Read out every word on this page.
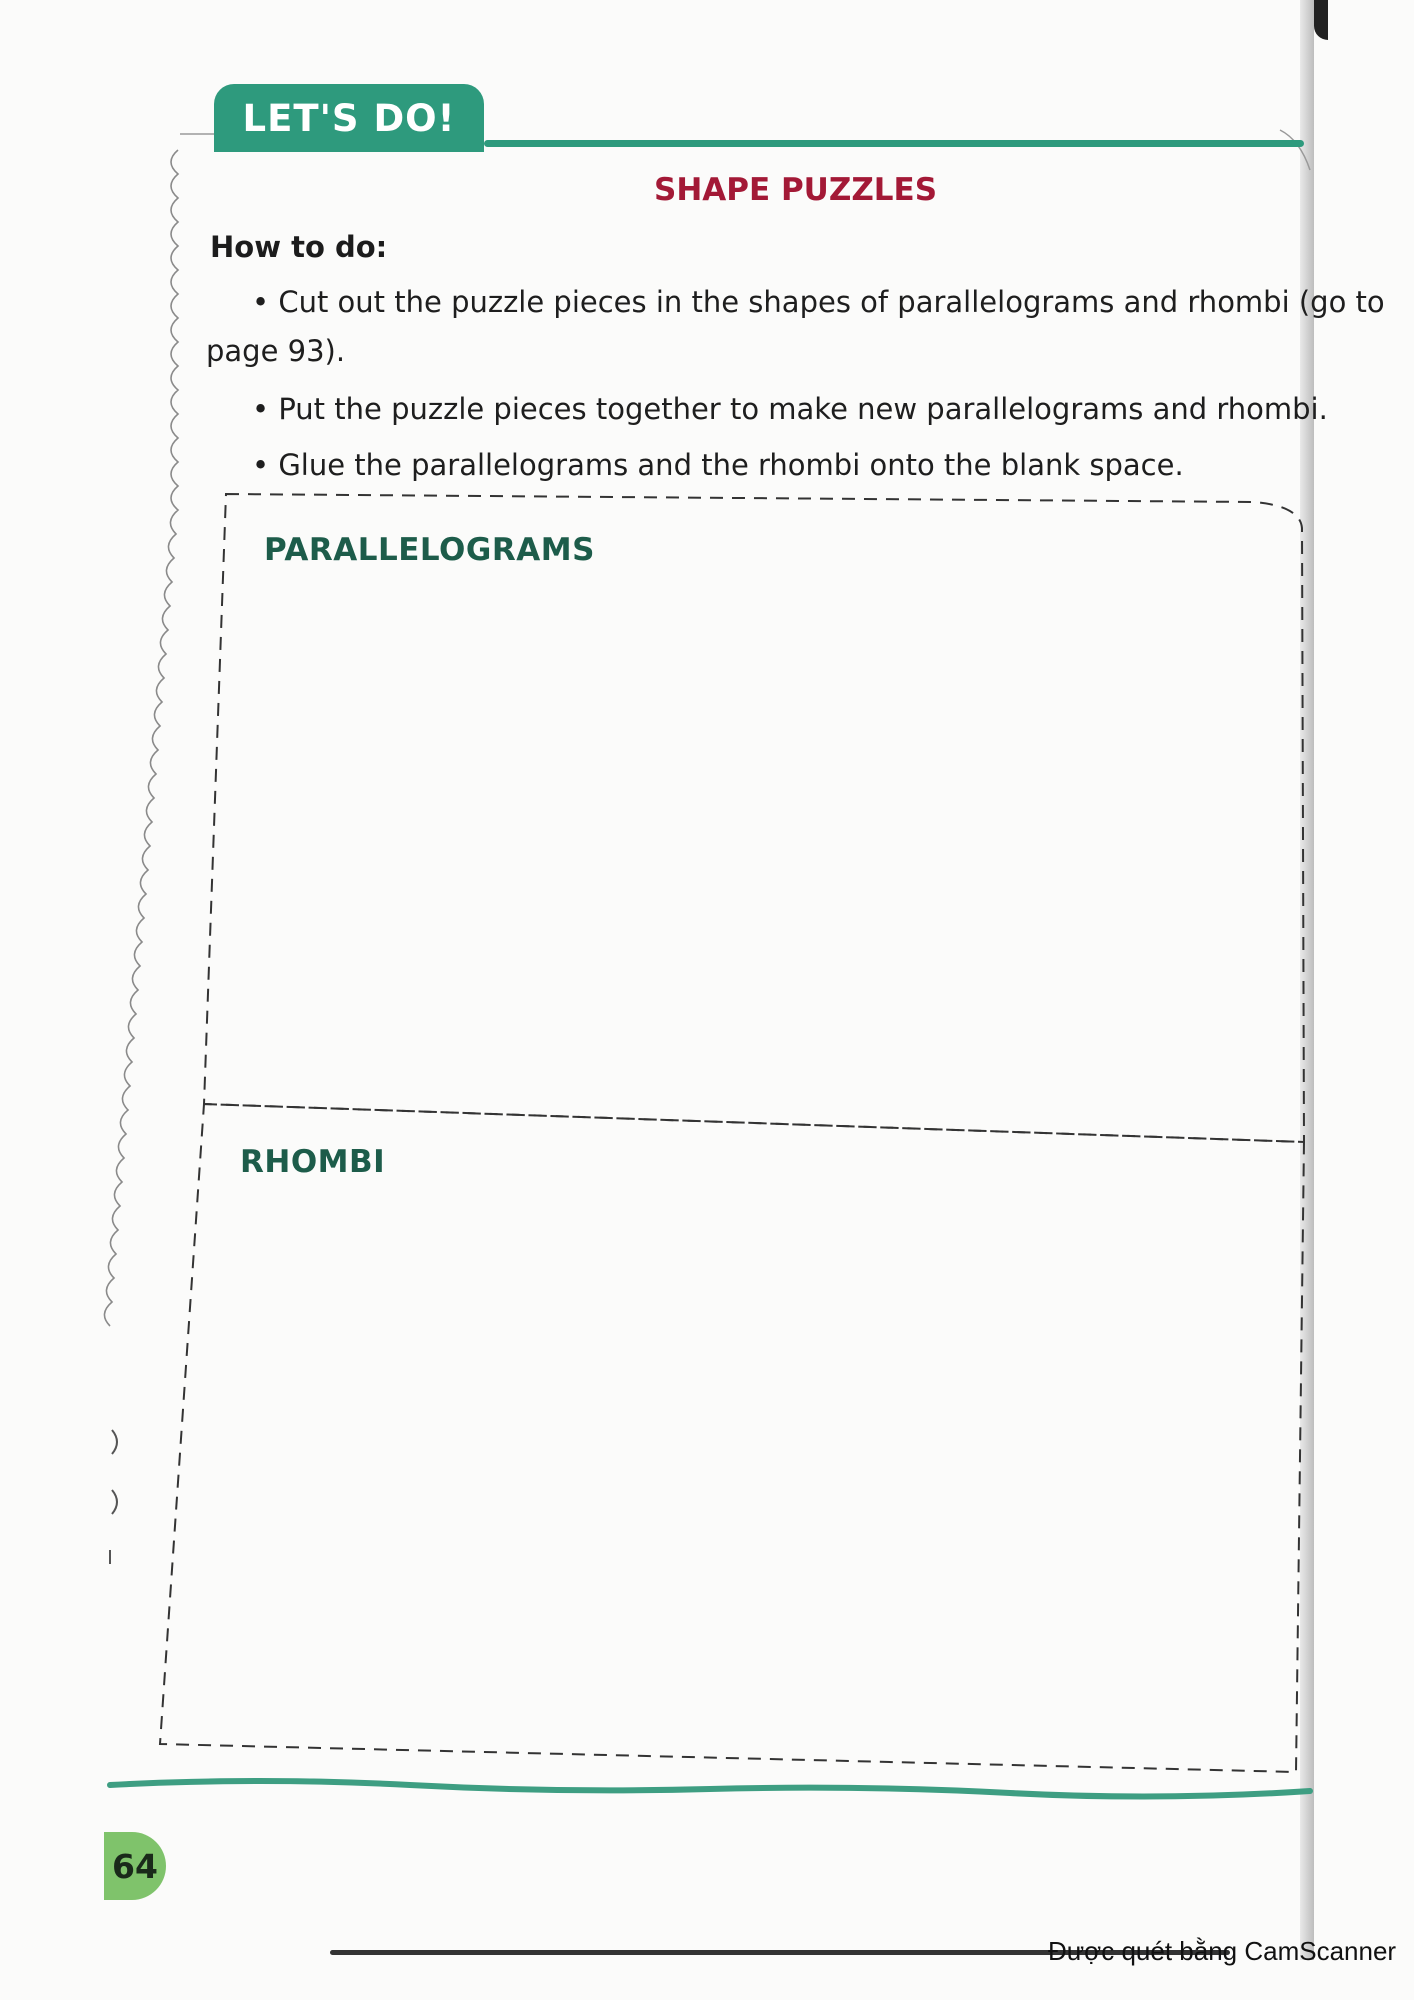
LET'S DO!
SHAPE PUZZLES
How to do:
• Cut out the puzzle pieces in the shapes of parallelograms and rhombi (go to
page 93).
• Put the puzzle pieces together to make new parallelograms and rhombi.
• Glue the parallelograms and the rhombi onto the blank space.
PARALLELOGRAMS
RHOMBI
64
Được quét bằng CamScanner
